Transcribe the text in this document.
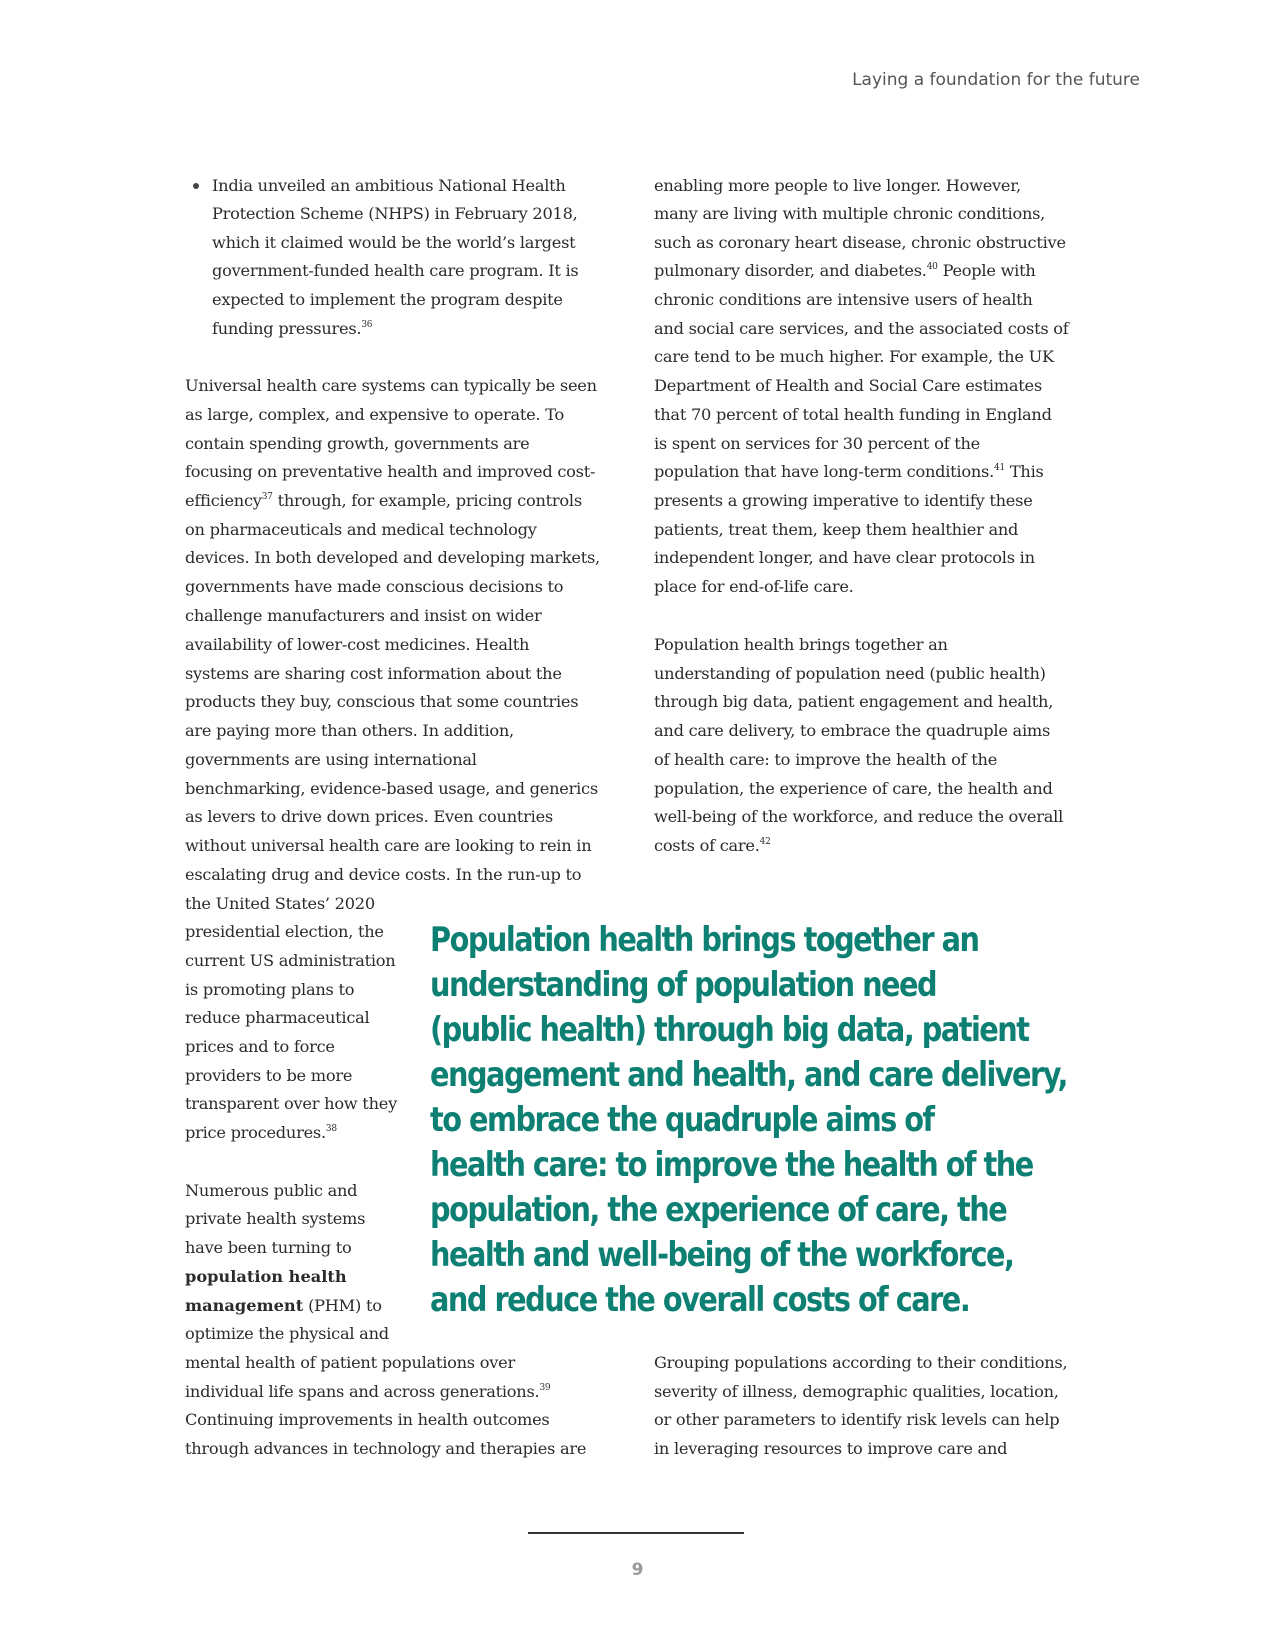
Laying a foundation for the future
India unveiled an ambitious National Health
Protection Scheme (NHPS) in February 2018,
which it claimed would be the world’s largest
government-funded health care program. It is
expected to implement the program despite
funding pressures.$^{36}$
Universal health care systems can typically be seen
as large, complex, and expensive to operate. To
contain spending growth, governments are
focusing on preventative health and improved cost-
efficiency$^{37}$ through, for example, pricing controls
on pharmaceuticals and medical technology
devices. In both developed and developing markets,
governments have made conscious decisions to
challenge manufacturers and insist on wider
availability of lower-cost medicines. Health
systems are sharing cost information about the
products they buy, conscious that some countries
are paying more than others. In addition,
governments are using international
benchmarking, evidence-based usage, and generics
as levers to drive down prices. Even countries
without universal health care are looking to rein in
escalating drug and device costs. In the run-up to
the United States’ 2020
presidential election, the
current US administration
is promoting plans to
reduce pharmaceutical
prices and to force
providers to be more
transparent over how they
price procedures.$^{38}$
Numerous public and
private health systems
have been turning to
population health
management (PHM) to
optimize the physical and
mental health of patient populations over
individual life spans and across generations.$^{39}$
Continuing improvements in health outcomes
through advances in technology and therapies are
enabling more people to live longer. However,
many are living with multiple chronic conditions,
such as coronary heart disease, chronic obstructive
pulmonary disorder, and diabetes.$^{40}$ People with
chronic conditions are intensive users of health
and social care services, and the associated costs of
care tend to be much higher. For example, the UK
Department of Health and Social Care estimates
that 70 percent of total health funding in England
is spent on services for 30 percent of the
population that have long-term conditions.$^{41}$ This
presents a growing imperative to identify these
patients, treat them, keep them healthier and
independent longer, and have clear protocols in
place for end-of-life care.
Population health brings together an
understanding of population need (public health)
through big data, patient engagement and health,
and care delivery, to embrace the quadruple aims
of health care: to improve the health of the
population, the experience of care, the health and
well-being of the workforce, and reduce the overall
costs of care.$^{42}$
Population health brings together an
understanding of population need
(public health) through big data, patient
engagement and health, and care delivery,
to embrace the quadruple aims of
health care: to improve the health of the
population, the experience of care, the
health and well-being of the workforce,
and reduce the overall costs of care.
Grouping populations according to their conditions,
severity of illness, demographic qualities, location,
or other parameters to identify risk levels can help
in leveraging resources to improve care and
9
